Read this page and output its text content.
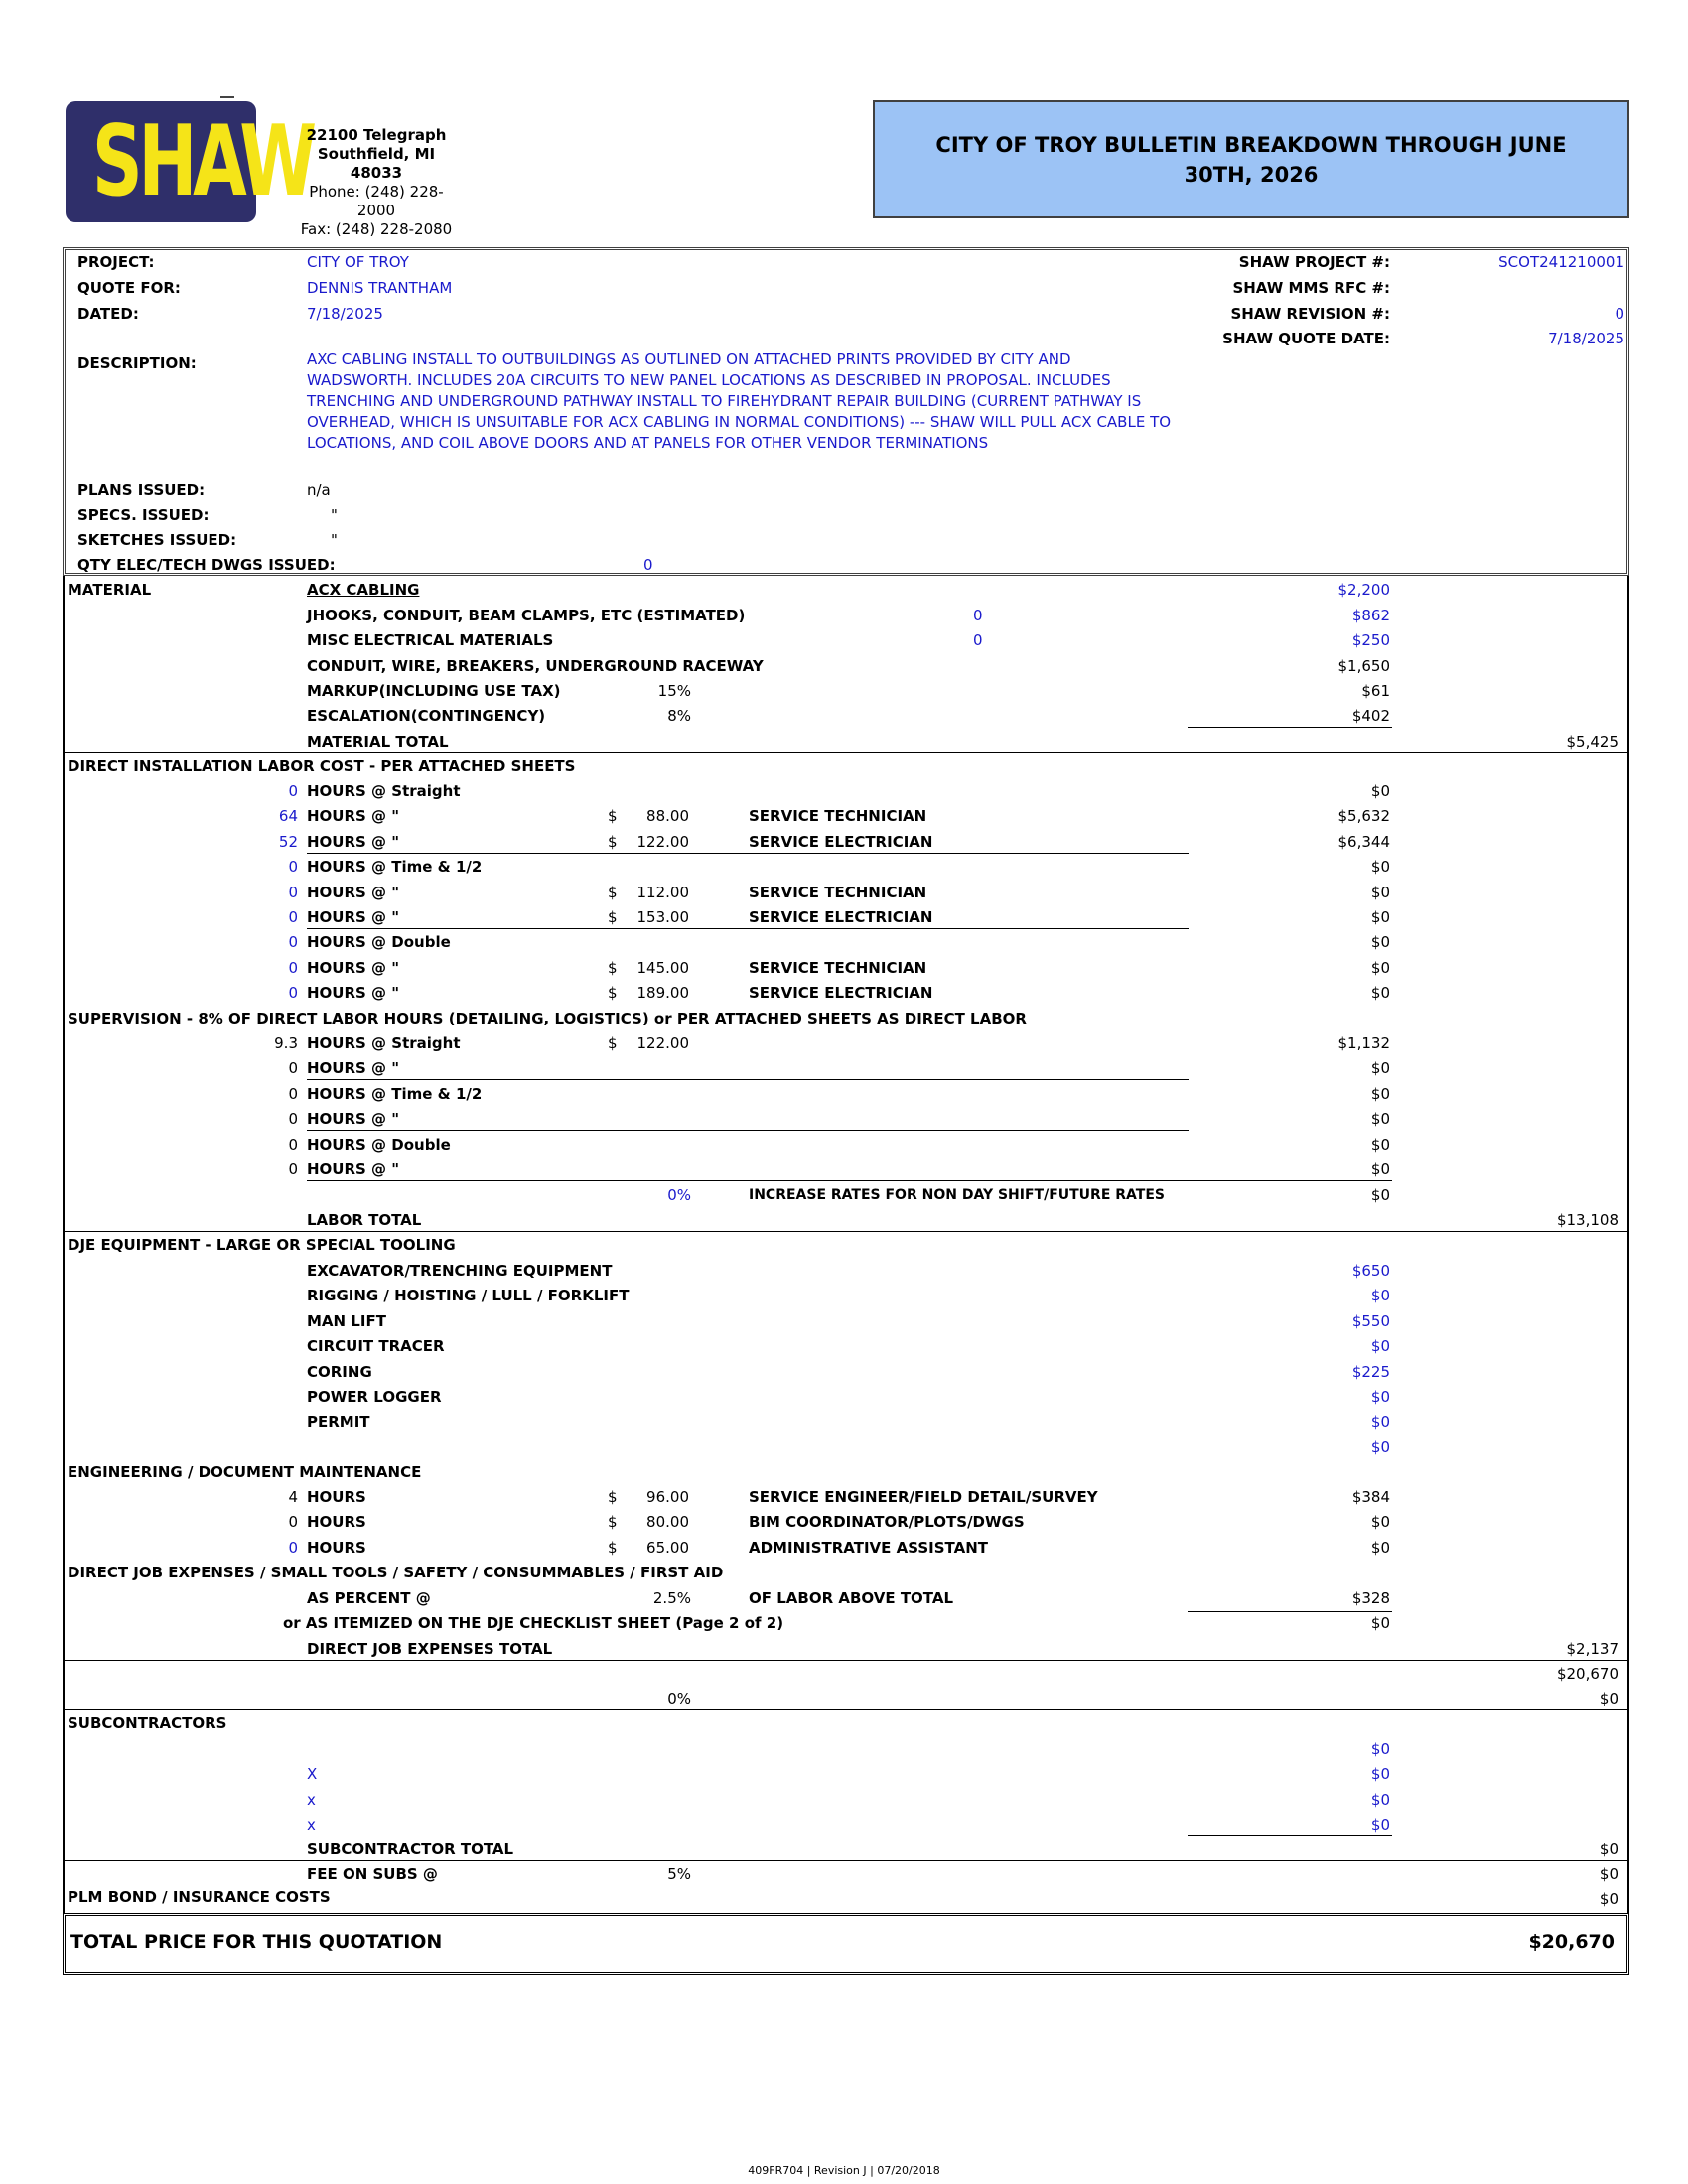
SHAW
22100 Telegraph
Southfield, MI 48033
Phone: (248) 228-2000
Fax: (248) 228-2080
CITY OF TROY BULLETIN BREAKDOWN THROUGH JUNE 30TH, 2026
PROJECT:	CITY OF TROY
QUOTE FOR:	DENNIS TRANTHAM
DATED:	7/18/2025
SHAW PROJECT #:	SCOT241210001
SHAW MMS RFC #:
SHAW REVISION #:	0
SHAW QUOTE DATE:	7/18/2025
DESCRIPTION:	AXC CABLING INSTALL TO OUTBUILDINGS AS OUTLINED ON ATTACHED PRINTS PROVIDED BY CITY AND WADSWORTH. INCLUDES 20A CIRCUITS TO NEW PANEL LOCATIONS AS DESCRIBED IN PROPOSAL. INCLUDES TRENCHING AND UNDERGROUND PATHWAY INSTALL TO FIREHYDRANT REPAIR BUILDING (CURRENT PATHWAY IS OVERHEAD, WHICH IS UNSUITABLE FOR ACX CABLING IN NORMAL CONDITIONS) --- SHAW WILL PULL ACX CABLE TO LOCATIONS, AND COIL ABOVE DOORS AND AT PANELS FOR OTHER VENDOR TERMINATIONS
PLANS ISSUED:	n/a
SPECS. ISSUED:	"
SKETCHES ISSUED:	"
QTY ELEC/TECH DWGS ISSUED:	0
MATERIAL	ACX CABLING	$2,200
JHOOKS, CONDUIT, BEAM CLAMPS, ETC (ESTIMATED)	0	$862
MISC ELECTRICAL MATERIALS	0	$250
CONDUIT, WIRE, BREAKERS, UNDERGROUND RACEWAY	$1,650
MARKUP(INCLUDING USE TAX)	15%	$61
ESCALATION(CONTINGENCY)	8%	$402
MATERIAL TOTAL	$5,425
DIRECT INSTALLATION LABOR COST - PER ATTACHED SHEETS
0 HOURS @ Straight	$0
64 HOURS @ "	$	88.00	SERVICE TECHNICIAN	$5,632
52 HOURS @ "	$	122.00	SERVICE ELECTRICIAN	$6,344
0 HOURS @ Time & 1/2	$0
0 HOURS @ "	$	112.00	SERVICE TECHNICIAN	$0
0 HOURS @ "	$	153.00	SERVICE ELECTRICIAN	$0
0 HOURS @ Double	$0
0 HOURS @ "	$	145.00	SERVICE TECHNICIAN	$0
0 HOURS @ "	$	189.00	SERVICE ELECTRICIAN	$0
SUPERVISION - 8% OF DIRECT LABOR HOURS (DETAILING, LOGISTICS) or PER ATTACHED SHEETS AS DIRECT LABOR
9.3 HOURS @ Straight	$	122.00	$1,132
0 HOURS @ "	$0
0 HOURS @ Time & 1/2	$0
0 HOURS @ "	$0
0 HOURS @ Double	$0
0 HOURS @ "	$0
0%	INCREASE RATES FOR NON DAY SHIFT/FUTURE RATES	$0
LABOR TOTAL	$13,108
DJE EQUIPMENT - LARGE OR SPECIAL TOOLING
EXCAVATOR/TRENCHING EQUIPMENT	$650
RIGGING / HOISTING / LULL / FORKLIFT	$0
MAN LIFT	$550
CIRCUIT TRACER	$0
CORING	$225
POWER LOGGER	$0
PERMIT	$0
$0
ENGINEERING / DOCUMENT MAINTENANCE
4 HOURS	$	96.00	SERVICE ENGINEER/FIELD DETAIL/SURVEY	$384
0 HOURS	$	80.00	BIM COORDINATOR/PLOTS/DWGS	$0
0 HOURS	$	65.00	ADMINISTRATIVE ASSISTANT	$0
DIRECT JOB EXPENSES / SMALL TOOLS / SAFETY / CONSUMMABLES / FIRST AID
AS PERCENT @	2.5%	OF LABOR ABOVE TOTAL	$328
or AS ITEMIZED ON THE DJE CHECKLIST SHEET (Page 2 of 2)	$0
DIRECT JOB EXPENSES TOTAL	$2,137
$20,670
0%	$0
SUBCONTRACTORS
$0
X	$0
x	$0
x	$0
SUBCONTRACTOR TOTAL	$0
FEE ON SUBS @	5%	$0
PLM BOND / INSURANCE COSTS	$0
TOTAL PRICE FOR THIS QUOTATION	$20,670
409FR704 | Revision J | 07/20/2018
